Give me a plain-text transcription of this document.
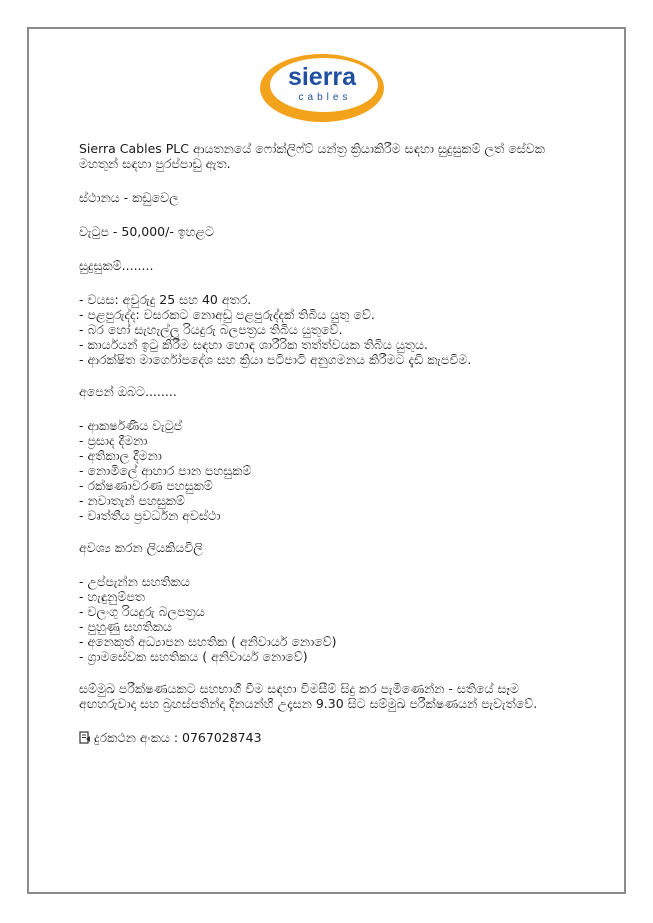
sierra
cables

Sierra Cables PLC ආයතනයේ ෆෝක්ලිෆ්ට් යන්ත්‍ර ක්‍රියාකිරීම සඳහා සුදුසුකම් ලත් සේවක
මහතුන් සඳහා පුරප්පාඩු ඇත.

ස්ථානය - කඩුවෙල

වැටුප - 50,000/- ඉහළට

සුදුසුකම්........

- වයස: අවුරුදු 25 සහ 40 අතර.
- පළපුරුද්ද: වසරකට නොඅඩු පළපුරුද්දක් තිබිය යුතු වේ.
- බර හෝ සැහැල්ලු රියදුරු බලපත්‍රය තිබිය යුතුවේ.
- කාර්යයන් ඉටු කිරීම සඳහා හොඳ ශාරීරික තත්ත්වයක තිබිය යුතුය.
- ආරක්ෂිත මාර්ගෝපදේශ සහ ක්‍රියා පටිපාටි අනුගමනය කිරීමට දැඩි කැපවීම.

අපෙන් ඔබට........

- ආකර්ෂණීය වැටුප්
- ප්‍රසාද දීමනා
- අතිකාල දීමනා
- නොමිලේ ආහාර පාන පහසුකම්
- රක්ෂණාවරණ පහසුකම්
- නවාතැන් පහසුකම්
- වෘත්තීය ප්‍රවර්ධන අවස්ථා

අවශ්‍ය කරන ලියකියවිලි

- උප්පැන්න සහතිකය
- හැඳුනුම්පත
- වලංගු රියදුරු බලපත්‍රය
- පුහුණු සහතිකය
- අනෙකුත් අධ්‍යාපන සහතික ( අනිවාර්ය නොවේ)
- ග්‍රාමසේවක සහතිකය ( අනිවාර්ය නොවේ)

සම්මුඛ පරීක්ෂණයකට සහභාගී වීම සඳහා විමසීම් සිදු කර පැමිණෙන්න - සතියේ සෑම
අඟහරුවාදා සහ බ්‍රහස්පතින්දා දිනයන්හී උදෑසන 9.30 සිට සම්මුඛ පරීක්ෂණයන් පැවැත්වේ.

දුරකථන අංකය : 0767028743
